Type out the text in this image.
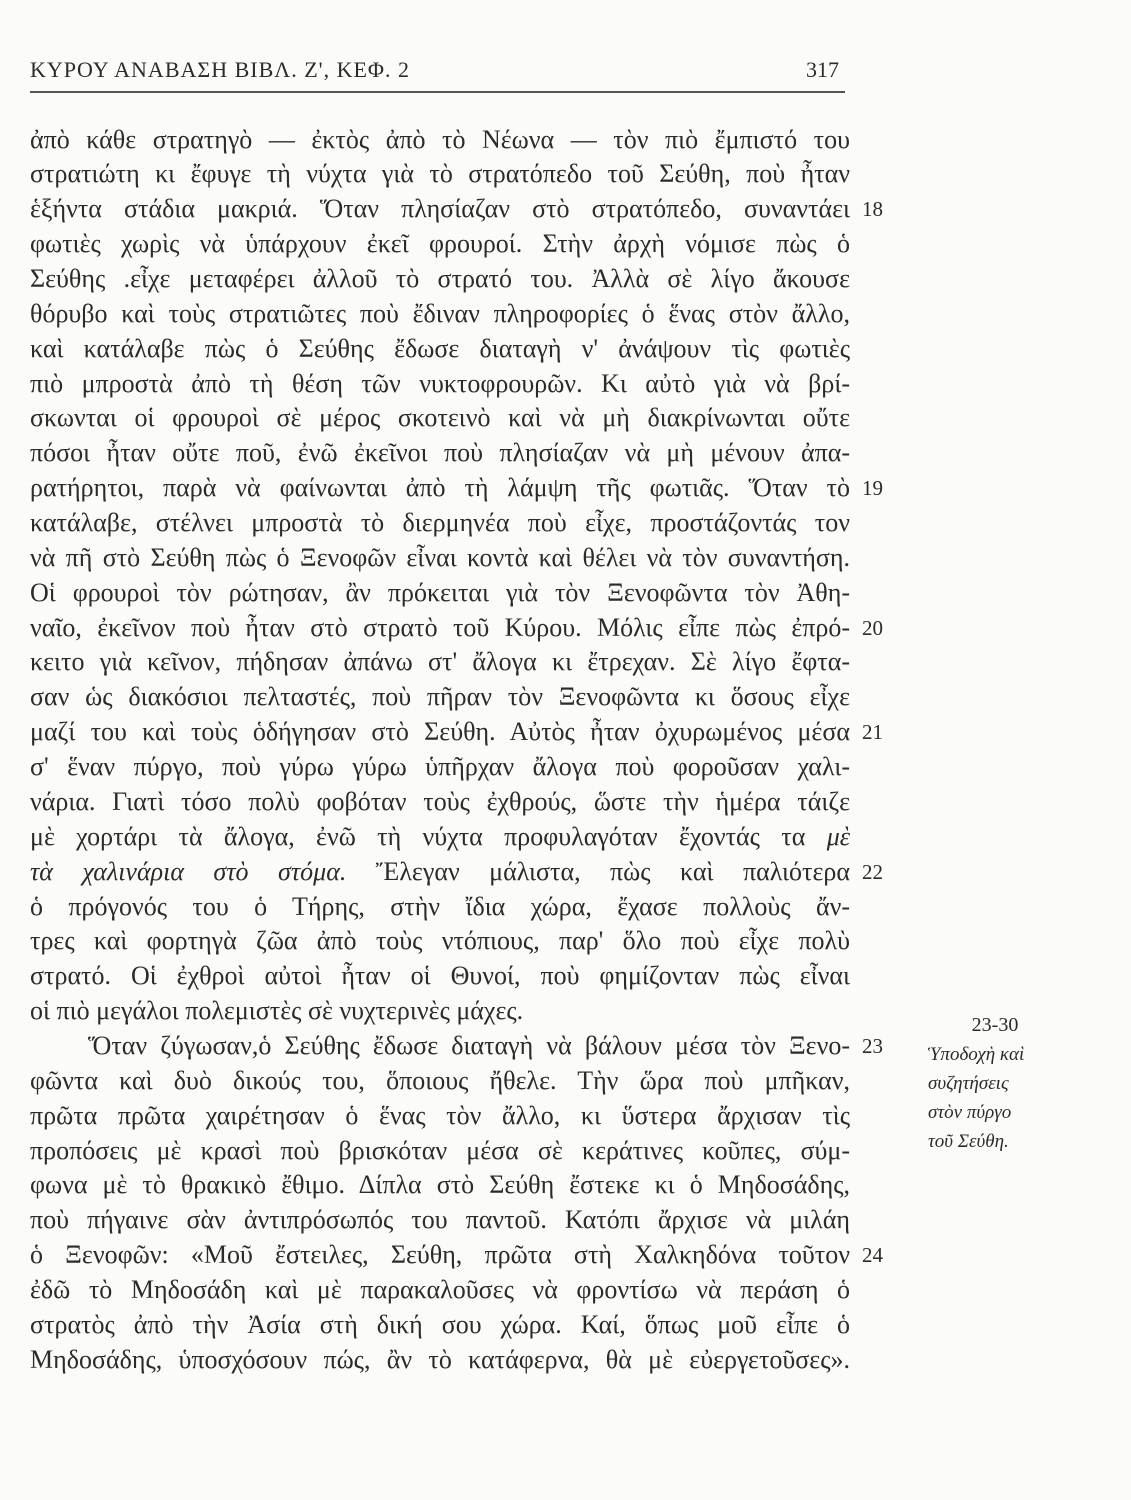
ΚΥΡΟΥ ΑΝΑΒΑΣΗ ΒΙΒΛ. Ζ', ΚΕΦ. 2	317
ἀπὸ κάθε στρατηγὸ — ἐκτὸς ἀπὸ τὸ Νέωνα — τὸν πιὸ ἔμπιστό του
στρατιώτη κι ἔφυγε τὴ νύχτα γιὰ τὸ στρατόπεδο τοῦ Σεύθη, ποὺ ἦταν
ἑξήντα στάδια μακριά. Ὅταν πλησίαζαν στὸ στρατόπεδο, συναντάει 18
φωτιὲς χωρὶς νὰ ὑπάρχουν ἐκεῖ φρουροί. Στὴν ἀρχὴ νόμισε πὼς ὁ
Σεύθης .εἶχε μεταφέρει ἀλλοῦ τὸ στρατό του. Ἀλλὰ σὲ λίγο ἄκουσε
θόρυβο καὶ τοὺς στρατιῶτες ποὺ ἔδιναν πληροφορίες ὁ ἕνας στὸν ἄλλο,
καὶ κατάλαβε πὼς ὁ Σεύθης ἔδωσε διαταγὴ ν' ἀνάψουν τὶς φωτιὲς
πιὸ μπροστὰ ἀπὸ τὴ θέση τῶν νυκτοφρουρῶν. Κι αὐτὸ γιὰ νὰ βρί-
σκωνται οἱ φρουροὶ σὲ μέρος σκοτεινὸ καὶ νὰ μὴ διακρίνωνται οὔτε
πόσοι ἦταν οὔτε ποῦ, ἐνῶ ἐκεῖνοι ποὺ πλησίαζαν νὰ μὴ μένουν ἀπα-
ρατήρητοι, παρὰ νὰ φαίνωνται ἀπὸ τὴ λάμψη τῆς φωτιᾶς. Ὅταν τὸ 19
κατάλαβε, στέλνει μπροστὰ τὸ διερμηνέα ποὺ εἶχε, προστάζοντάς τον
νὰ πῆ στὸ Σεύθη πὼς ὁ Ξενοφῶν εἶναι κοντὰ καὶ θέλει νὰ τὸν συναντήση.
Οἱ φρουροὶ τὸν ρώτησαν, ἂν πρόκειται γιὰ τὸν Ξενοφῶντα τὸν Ἀθη-
ναῖο, ἐκεῖνον ποὺ ἦταν στὸ στρατὸ τοῦ Κύρου. Μόλις εἶπε πὼς ἐπρό- 20
κειτο γιὰ κεῖνον, πήδησαν ἀπάνω στ' ἄλογα κι ἔτρεχαν. Σὲ λίγο ἔφτα-
σαν ὡς διακόσιοι πελταστές, ποὺ πῆραν τὸν Ξενοφῶντα κι ὅσους εἶχε
μαζί του καὶ τοὺς ὁδήγησαν στὸ Σεύθη. Αὐτὸς ἦταν ὀχυρωμένος μέσα 21
σ' ἕναν πύργο, ποὺ γύρω γύρω ὑπῆρχαν ἄλογα ποὺ φοροῦσαν χαλι-
νάρια. Γιατὶ τόσο πολὺ φοβόταν τοὺς ἐχθρούς, ὥστε τὴν ἡμέρα τάιζε
μὲ χορτάρι τὰ ἄλογα, ἐνῶ τὴ νύχτα προφυλαγόταν ἔχοντάς τα μὲ
τὰ χαλινάρια στὸ στόμα. Ἔλεγαν μάλιστα, πὼς καὶ παλιότερα 22
ὁ πρόγονός του ὁ Τήρης, στὴν ἴδια χώρα, ἔχασε πολλοὺς ἄν-
τρες καὶ φορτηγὰ ζῶα ἀπὸ τοὺς ντόπιους, παρ' ὅλο ποὺ εἶχε πολὺ
στρατό. Οἱ ἐχθροὶ αὐτοὶ ἦταν οἱ Θυνοί, ποὺ φημίζονταν πὼς εἶναι
οἱ πιὸ μεγάλοι πολεμιστὲς σὲ νυχτερινὲς μάχες.
Ὅταν ζύγωσαν,ὁ Σεύθης ἔδωσε διαταγὴ νὰ βάλουν μέσα τὸν Ξενο- 23
φῶντα καὶ δυὸ δικούς του, ὅποιους ἤθελε. Τὴν ὥρα ποὺ μπῆκαν,
πρῶτα πρῶτα χαιρέτησαν ὁ ἕνας τὸν ἄλλο, κι ὕστερα ἄρχισαν τὶς
προπόσεις μὲ κρασὶ ποὺ βρισκόταν μέσα σὲ κεράτινες κοῦπες, σύμ-
φωνα μὲ τὸ θρακικὸ ἔθιμο. Δίπλα στὸ Σεύθη ἔστεκε κι ὁ Μηδοσάδης,
ποὺ πήγαινε σὰν ἀντιπρόσωπός του παντοῦ. Κατόπι ἄρχισε νὰ μιλάη
ὁ Ξενοφῶν: «Μοῦ ἔστειλες, Σεύθη, πρῶτα στὴ Χαλκηδόνα τοῦτον 24
ἐδῶ τὸ Μηδοσάδη καὶ μὲ παρακαλοῦσες νὰ φροντίσω νὰ περάση ὁ
στρατὸς ἀπὸ τὴν Ἀσία στὴ δική σου χώρα. Καί, ὅπως μοῦ εἶπε ὁ
Μηδοσάδης, ὑποσχόσουν πώς, ἂν τὸ κατάφερνα, θὰ μὲ εὐεργετοῦσες».
23-30
Ὑποδοχὴ καὶ
συζητήσεις
στὸν πύργο
τοῦ Σεύθη.
